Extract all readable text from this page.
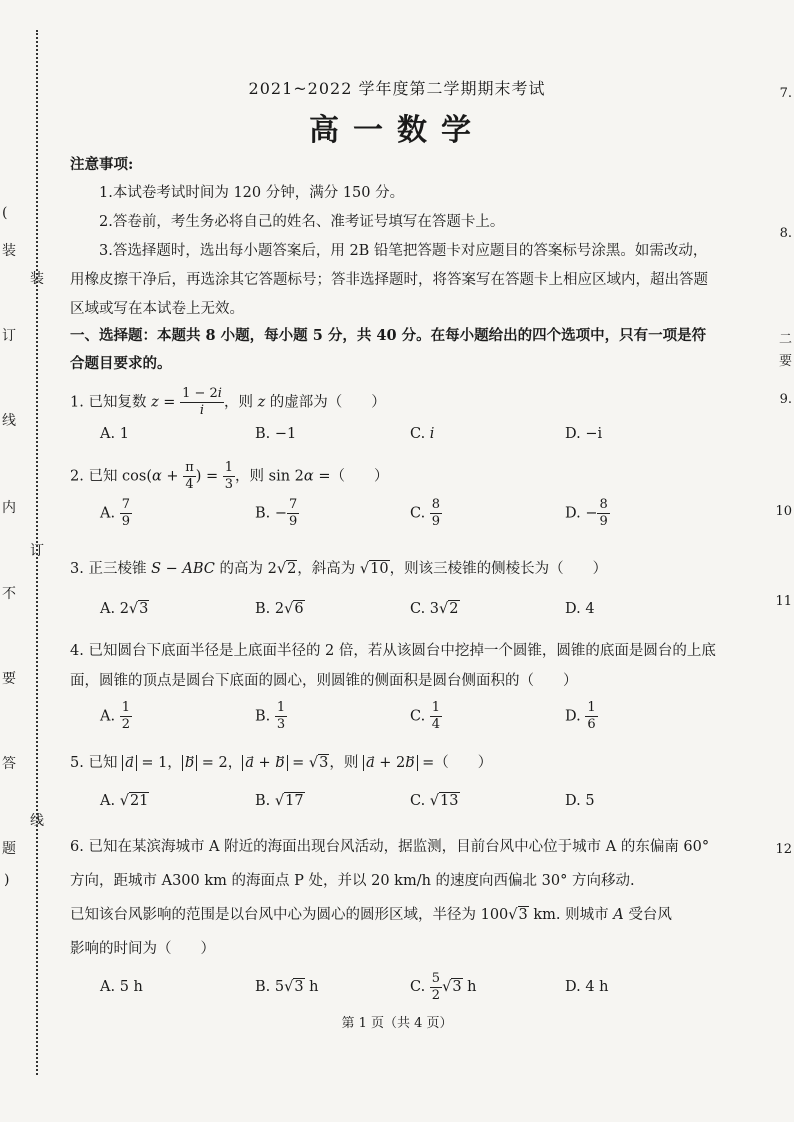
(
装
订
线
内
不
要
答
题
)
装
订
线
7.
8.
二
要
9.
10
11
12
2021~2022 学年度第二学期期末考试
高一数学
注意事项:

1.本试卷考试时间为 120 分钟，满分 150 分。

2.答卷前，考生务必将自己的姓名、准考证号填写在答题卡上。

3.答选择题时，选出每小题答案后，用 2B 铅笔把答题卡对应题目的答案标号涂黑。如需改动，用橡皮擦干净后，再选涂其它答题标号；答非选择题时，将答案写在答题卡上相应区域内，超出答题区域或写在本试卷上无效。

一、选择题：本题共 8 小题，每小题 5 分，共 40 分。在每小题给出的四个选项中，只有一项是符合题目要求的。
1. 已知复数 $z = \frac{1 - 2i}{i}$ ，则 z 的虚部为（　　）
A. 1	B. −1	C. i	D. −i
2. 已知 $\cos(\alpha + \frac{\pi}{4}$ ) = $\frac{1}{3}$ ，则 sin 2α =（　　）
A. $\frac{7}{9}$	B. − $\frac{7}{9}$	C. $\frac{8}{9}$	D. − $\frac{8}{9}$
3. 正三棱锥 S − ABC 的高为 2√2，斜高为 √10，则该三棱锥的侧棱长为（　　）
A. 2√3	B. 2√6	C. 3√2	D. 4
4. 已知圆台下底面半径是上底面半径的 2 倍，若从该圆台中挖掉一个圆锥，圆锥的底面是圆台的上底面，圆锥的顶点是圆台下底面的圆心，则圆锥的侧面积是圆台侧面积的（　　）
A. $\frac{1}{2}$	B. $\frac{1}{3}$	C. $\frac{1}{4}$	D. $\frac{1}{6}$
5. 已知 a = 1， b = 2， a⃗ + b = √3，则 a⃗ + 2b =（　　）
A. √21	B. √17	C. √13	D. 5
6. 已知在某滨海城市 A 附近的海面出现台风活动，据监测，目前台风中心位于城市 A 的东偏南 60° 方向，距城市 A300 km 的海面点 P 处，并以 20 km/h 的速度向西偏北 30° 方向移动.
已知该台风影响的范围是以台风中心为圆心的圆形区域，半径为 100√3 km. 则城市 A 受台风
影响的时间为（　　）
A. 5 h	B. 5√3 h	C. $\frac{5}{2} √3$ h	D. 4 h
第 1 页（共 4 页）
